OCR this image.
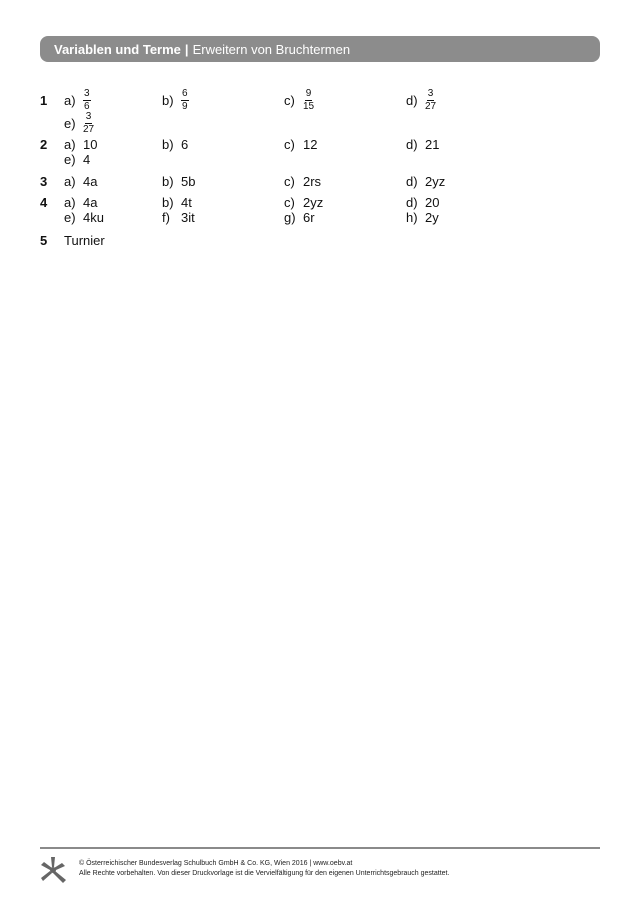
Variablen und Terme | Erweitern von Bruchtermen
1 $a) \frac{3}{6}$	$b) \frac{6}{9}$	$c) \frac{9}{15}$	$d) \frac{3}{27}$
$e) \frac{3}{27}$
2 a) 10	b) 6	c) 12	d) 21
e) 4
3 a) 4a	b) 5b	c) 2rs	d) 2yz
4 a) 4a	b) 4t	c) 2yz	d) 20
e) 4ku	f) 3it	g) 6r	h) 2y
5 Turnier
© Österreichischer Bundesverlag Schulbuch GmbH & Co. KG, Wien 2016 | www.oebv.at
Alle Rechte vorbehalten. Von dieser Druckvorlage ist die Vervielfältigung für den eigenen Unterrichtsgebrauch gestattet.
